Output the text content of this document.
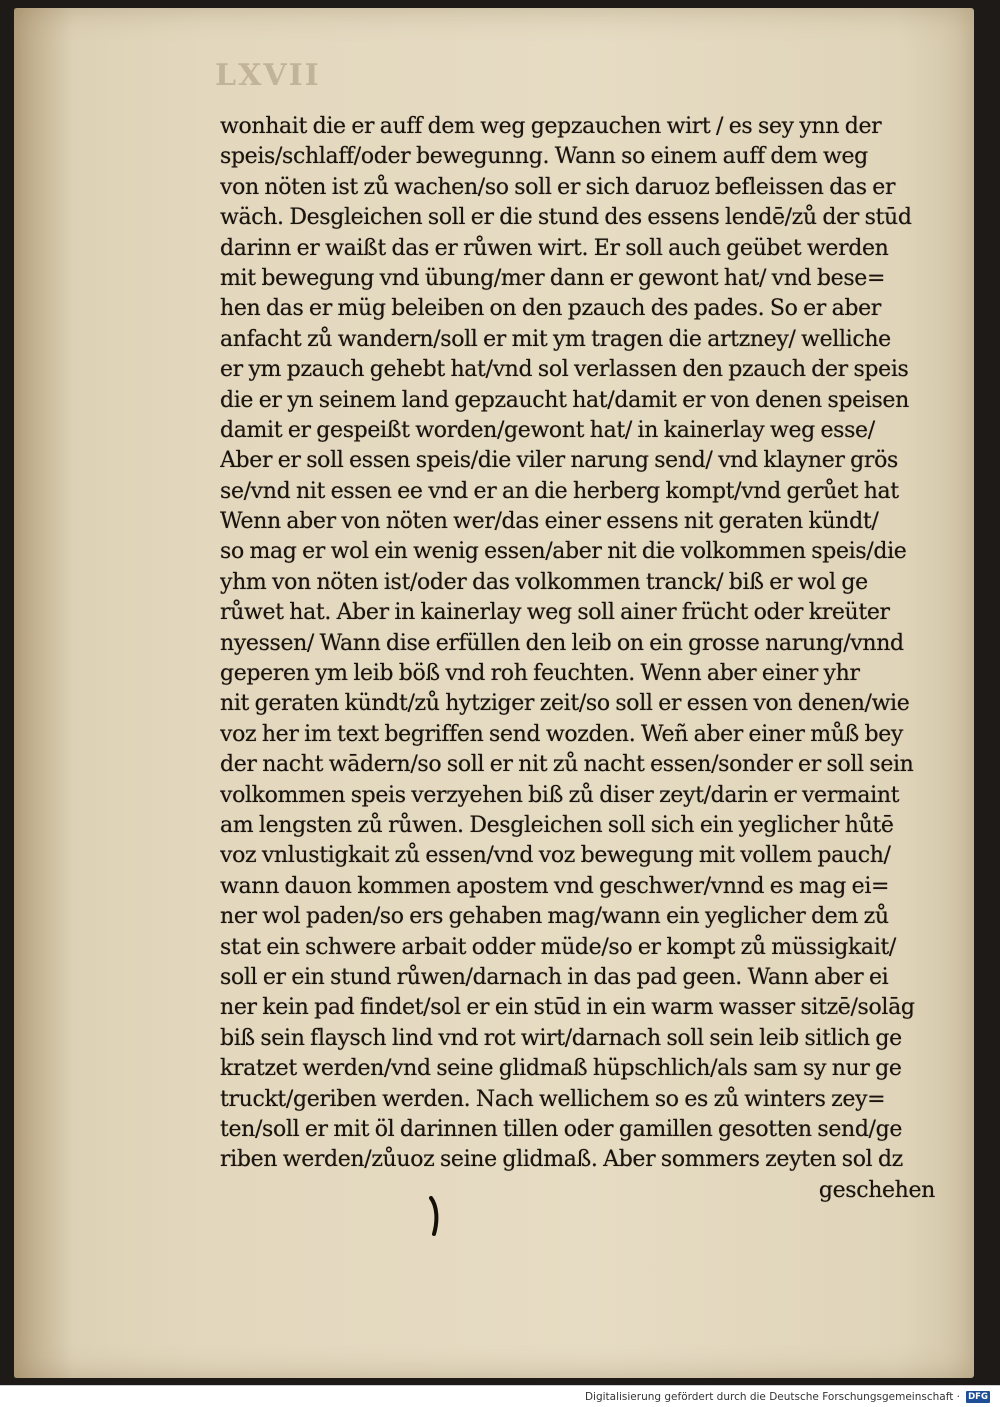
LXVII
​
wonhait die er auff dem weg gepzauchen wirt / es sey ynn der
speis/schlaff/oder bewegunng. Wann so einem auff dem weg
von nöten ist zů wachen/so soll er sich daruoz befleissen das er
wäch. Desgleichen soll er die stund des essens lendē/zů der stūd
darinn er waißt das er růwen wirt. Er soll auch geübet werden
mit bewegung vnd übung/mer dann er gewont hat/ vnd bese=
hen das er müg beleiben on den pzauch des pades. So er aber
anfacht zů wandern/soll er mit ym tragen die artzney/ welliche
er ym pzauch gehebt hat/vnd sol verlassen den pzauch der speis
die er yn seinem land gepzaucht hat/damit er von denen speisen
damit er gespeißt worden/gewont hat/ in kainerlay weg esse/
Aber er soll essen speis/die viler narung send/ vnd klayner grös
se/vnd nit essen ee vnd er an die herberg kompt/vnd gerůet hat
Wenn aber von nöten wer/das einer essens nit geraten kündt/
so mag er wol ein wenig essen/aber nit die volkommen speis/die
yhm von nöten ist/oder das volkommen tranck/ biß er wol ge
růwet hat. Aber in kainerlay weg soll ainer frücht oder kreüter
nyessen/ Wann dise erfüllen den leib on ein grosse narung/vnnd
geperen ym leib böß vnd roh feuchten. Wenn aber einer yhr
nit geraten kündt/zů hytziger zeit/so soll er essen von denen/wie
voz her im text begriffen send wozden. Weñ aber einer můß bey
der nacht wādern/so soll er nit zů nacht essen/sonder er soll sein
volkommen speis verzyehen biß zů diser zeyt/darin er vermaint
am lengsten zů růwen. Desgleichen soll sich ein yeglicher hůtē
voz vnlustigkait zů essen/vnd voz bewegung mit vollem pauch/
wann dauon kommen apostem vnd geschwer/vnnd es mag ei=
ner wol paden/so ers gehaben mag/wann ein yeglicher dem zů
stat ein schwere arbait odder müde/so er kompt zů müssigkait/
soll er ein stund růwen/darnach in das pad geen. Wann aber ei
ner kein pad findet/sol er ein stūd in ein warm wasser sitzē/solāg
biß sein flaysch lind vnd rot wirt/darnach soll sein leib sitlich ge
kratzet werden/vnd seine glidmaß hüpschlich/als sam sy nur ge
truckt/geriben werden. Nach wellichem so es zů winters zey=
ten/soll er mit öl darinnen tillen oder gamillen gesotten send/ge
riben werden/zůuoz seine glidmaß. Aber sommers zeyten sol dz
geschehen
Digitalisierung gefördert durch die Deutsche Forschungsgemeinschaft · DFG
